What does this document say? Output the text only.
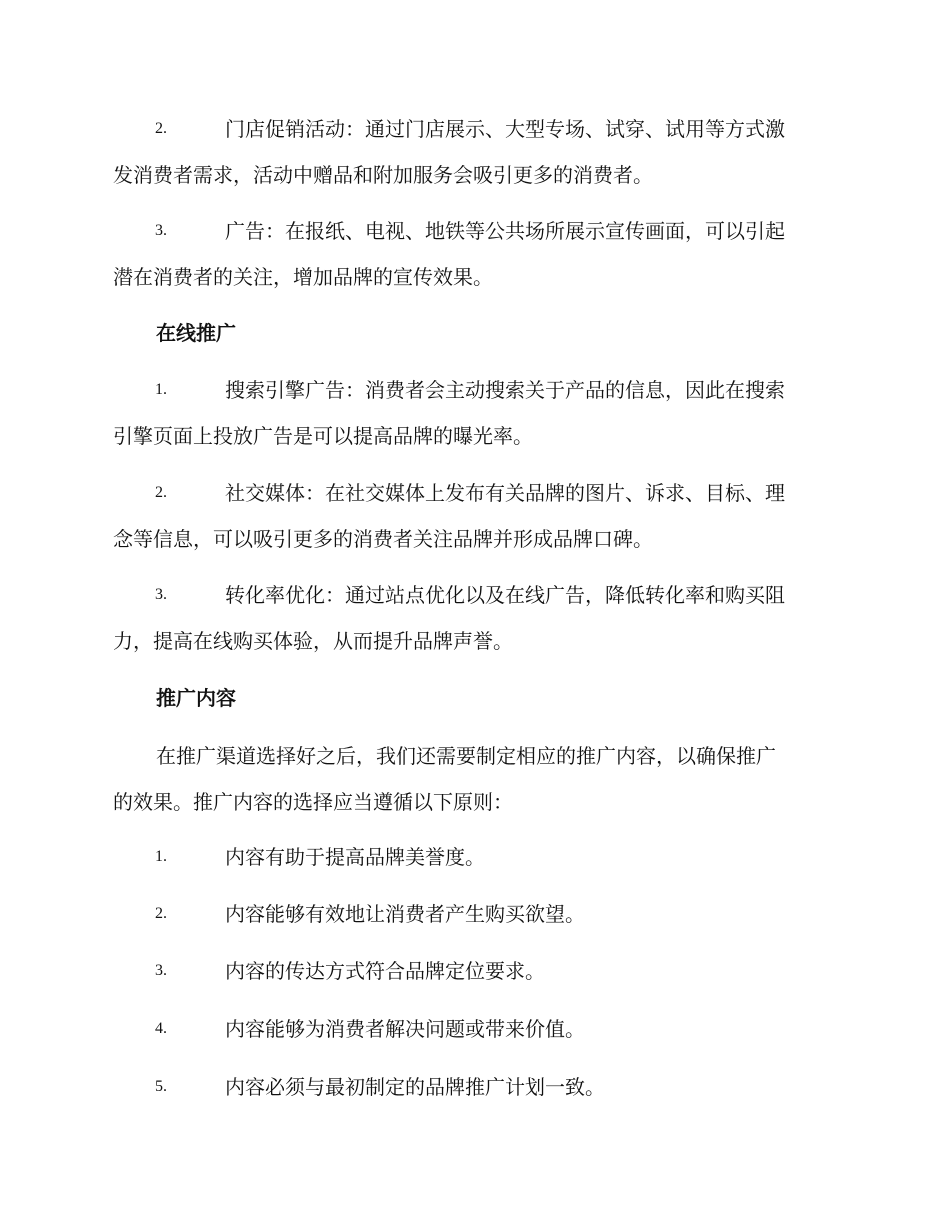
2.	门店促销活动：通过门店展示、大型专场、试穿、试用等方式激
发消费者需求，活动中赠品和附加服务会吸引更多的消费者。
3.	广告：在报纸、电视、地铁等公共场所展示宣传画面，可以引起
潜在消费者的关注，增加品牌的宣传效果。
在线推广
1.	搜索引擎广告：消费者会主动搜索关于产品的信息，因此在搜索
引擎页面上投放广告是可以提高品牌的曝光率。
2.	社交媒体：在社交媒体上发布有关品牌的图片、诉求、目标、理
念等信息，可以吸引更多的消费者关注品牌并形成品牌口碑。
3.	转化率优化：通过站点优化以及在线广告，降低转化率和购买阻
力，提高在线购买体验，从而提升品牌声誉。
推广内容
在推广渠道选择好之后，我们还需要制定相应的推广内容，以确保推广
的效果。推广内容的选择应当遵循以下原则：
1.	内容有助于提高品牌美誉度。
2.	内容能够有效地让消费者产生购买欲望。
3.	内容的传达方式符合品牌定位要求。
4.	内容能够为消费者解决问题或带来价值。
5.	内容必须与最初制定的品牌推广计划一致。
